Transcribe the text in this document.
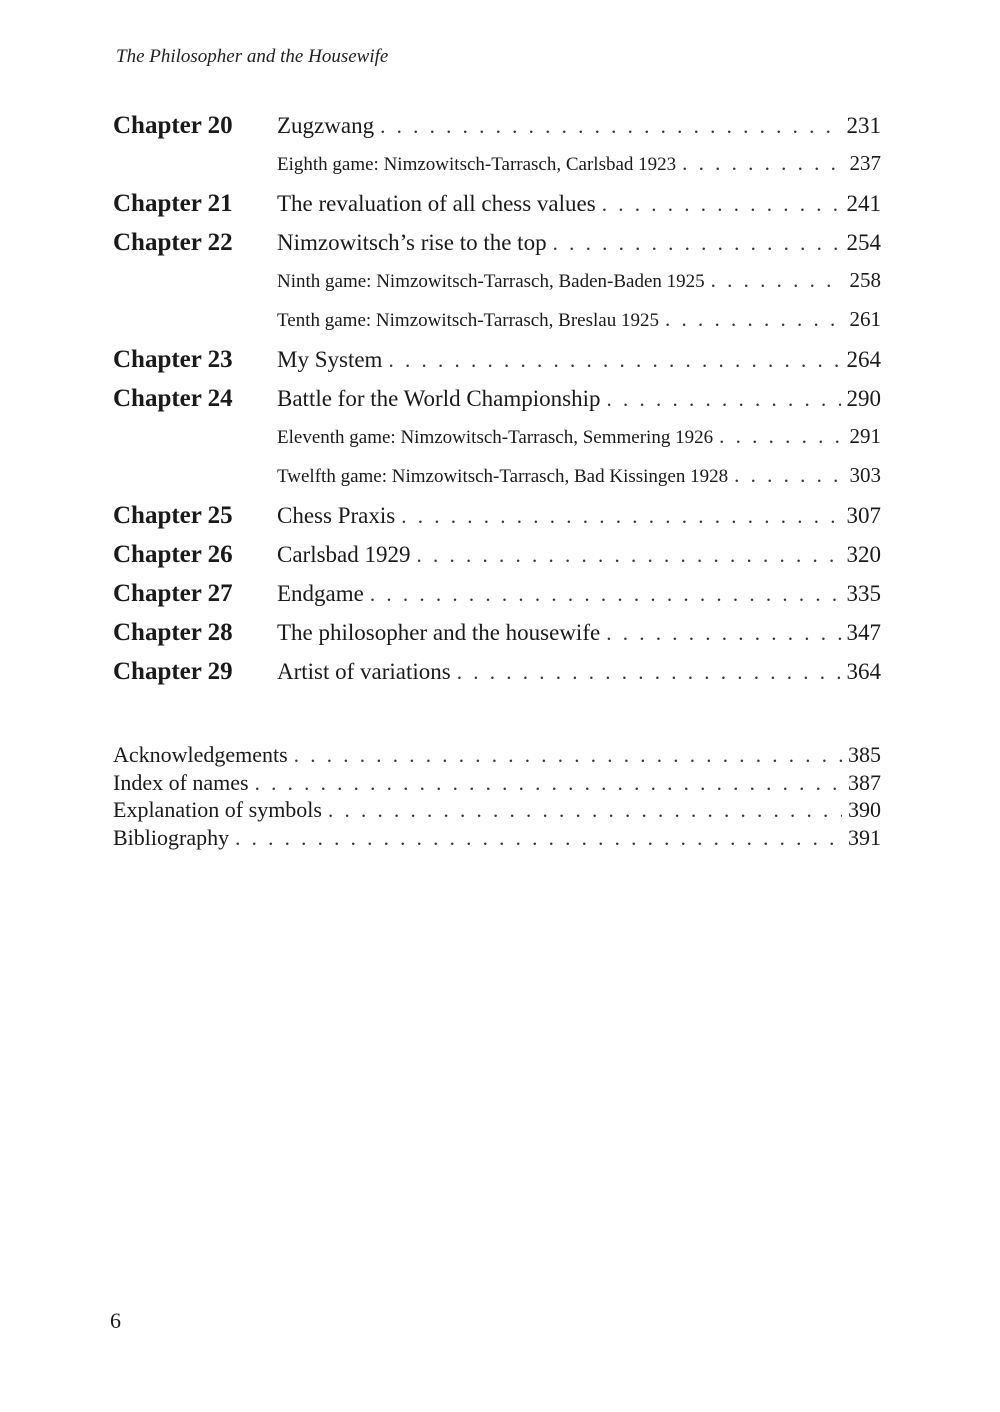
The Philosopher and the Housewife
Chapter 20	Zugzwang . . .	231
Eighth game: Nimzowitsch-Tarrasch, Carlsbad 1923 . . .	237
Chapter 21	The revaluation of all chess values . . .	241
Chapter 22	Nimzowitsch’s rise to the top . . .	254
Ninth game: Nimzowitsch-Tarrasch, Baden-Baden 1925 . . .	258
Tenth game: Nimzowitsch-Tarrasch, Breslau 1925 . . .	261
Chapter 23	My System . . .	264
Chapter 24	Battle for the World Championship . . .	290
Eleventh game: Nimzowitsch-Tarrasch, Semmering 1926 . . .	291
Twelfth game: Nimzowitsch-Tarrasch, Bad Kissingen 1928 . . .	303
Chapter 25	Chess Praxis . . .	307
Chapter 26	Carlsbad 1929 . . .	320
Chapter 27	Endgame . . .	335
Chapter 28	The philosopher and the housewife . . .	347
Chapter 29	Artist of variations . . .	364
Acknowledgements . . .	385
Index of names . . .	387
Explanation of symbols . . .	390
Bibliography . . .	391
6
